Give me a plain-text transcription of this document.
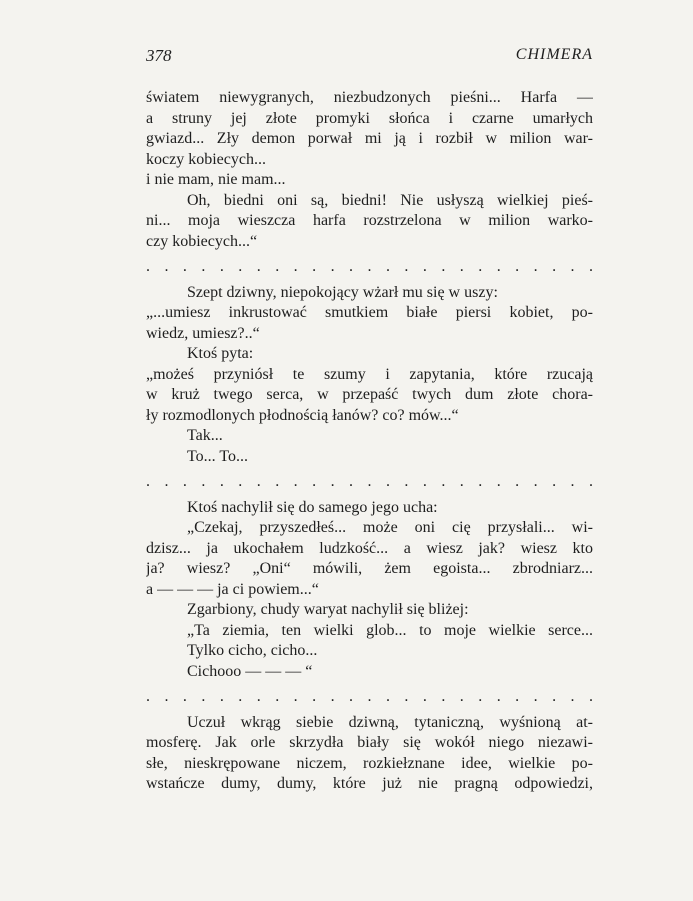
378	CHIMERA
światem niewygranych, niezbudzonych pieśni... Harfa —
a struny jej złote promyki słońca i czarne umarłych
gwiazd... Zły demon porwał mi ją i rozbił w milion war-
koczy kobiecych...
i nie mam, nie mam...
Oh, biedni oni są, biedni! Nie usłyszą wielkiej pieś-
ni... moja wieszcza harfa rozstrzelona w milion warko-
czy kobiecych...“
. . . . . . . . . . . . . . . . . . . . . . . . .
Szept dziwny, niepokojący wżarł mu się w uszy:
„...umiesz inkrustować smutkiem białe piersi kobiet, po-
wiedz, umiesz?..“
Ktoś pyta:
„możeś przyniósł te szumy i zapytania, które rzucają
w kruż twego serca, w przepaść twych dum złote chora-
ły rozmodlonych płodnością łanów? co? mów...“
Tak...
To... To...
. . . . . . . . . . . . . . . . . . . . . . . . .
Ktoś nachylił się do samego jego ucha:
„Czekaj, przyszedłeś... może oni cię przysłali... wi-
dzisz... ja ukochałem ludzkość... a wiesz jak? wiesz kto
ja? wiesz? „Oni“ mówili, żem egoista... zbrodniarz...
a — — — ja ci powiem...“
Zgarbiony, chudy waryat nachylił się bliżej:
„Ta ziemia, ten wielki glob... to moje wielkie serce...
Tylko cicho, cicho...
Cichooo — — — “
. . . . . . . . . . . . . . . . . . . . . . . . .
Uczuł wkrąg siebie dziwną, tytaniczną, wyśnioną at-
mosferę. Jak orle skrzydła biały się wokół niego niezawi-
słe, nieskrępowane niczem, rozkiełznane idee, wielkie po-
wstańcze dumy, dumy, które już nie pragną odpowiedzi,
